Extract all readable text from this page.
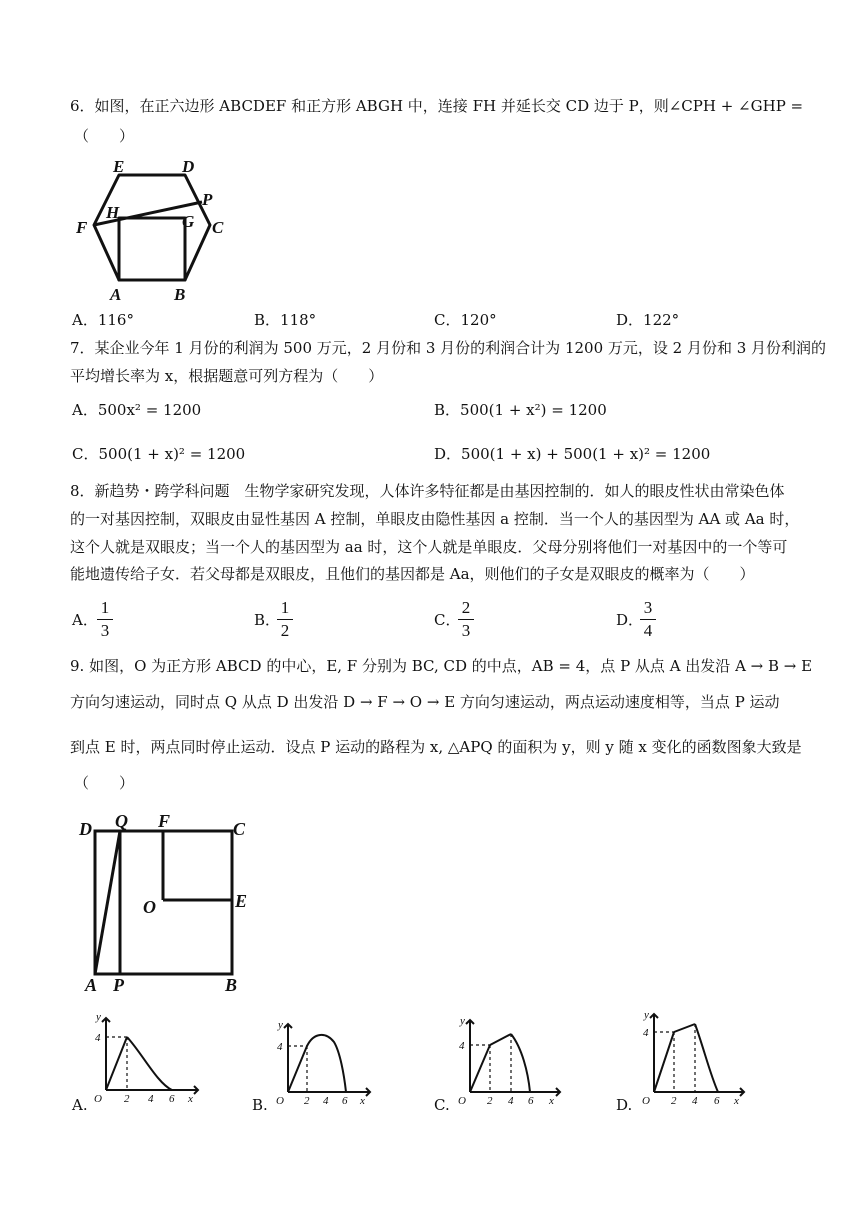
6．如图，在正六边形 ABCDEF 和正方形 ABGH 中，连接 FH 并延长交 CD 边于 P，则∠CPH + ∠GHP =
（　　）
E	D
P
H	G
F	C
A	B
A．116°	B．118°	C．120°	D．122°
7．某企业今年 1 月份的利润为 500 万元，2 月份和 3 月份的利润合计为 1200 万元，设 2 月份和 3 月份利润的
平均增长率为 x，根据题意可列方程为（　　）
A．500x² = 1200	B．500(1 + x²) = 1200
C．500(1 + x)² = 1200	D．500(1 + x) + 500(1 + x)² = 1200
8．新趋势・跨学科问题　生物学家研究发现，人体许多特征都是由基因控制的．如人的眼皮性状由常染色体
的一对基因控制，双眼皮由显性基因 A 控制，单眼皮由隐性基因 a 控制．当一个人的基因型为 AA 或 Aa 时，
这个人就是双眼皮；当一个人的基因型为 aa 时，这个人就是单眼皮．父母分别将他们一对基因中的一个等可
能地遗传给子女．若父母都是双眼皮，且他们的基因都是 Aa，则他们的子女是双眼皮的概率为（　　）
A． $\frac{1}{3}$	B．
$\frac{1}{2}$	C．
$\frac{2}{3}$	D．
$\frac{3}{4}$
9. 如图，O 为正方形 ABCD 的中心，E, F 分别为 BC, CD 的中点，AB = 4，点 P 从点 A 出发沿 A → B → E
方向匀速运动，同时点 Q 从点 D 出发沿 D → F → O → E 方向匀速运动，两点运动速度相等，当点 P 运动
到点 E 时，两点同时停止运动．设点 P 运动的路程为 x, △APQ 的面积为 y，则 y 随 x 变化的函数图象大致是
（　　）
D Q F	C
O	E
A P	B
A.
y
4
O 2 4 6 x	B.
y
4
O 2 4 6 x	C.
y
4
O 2 4 6 x	D.
y
4
O 2 4 6 x
